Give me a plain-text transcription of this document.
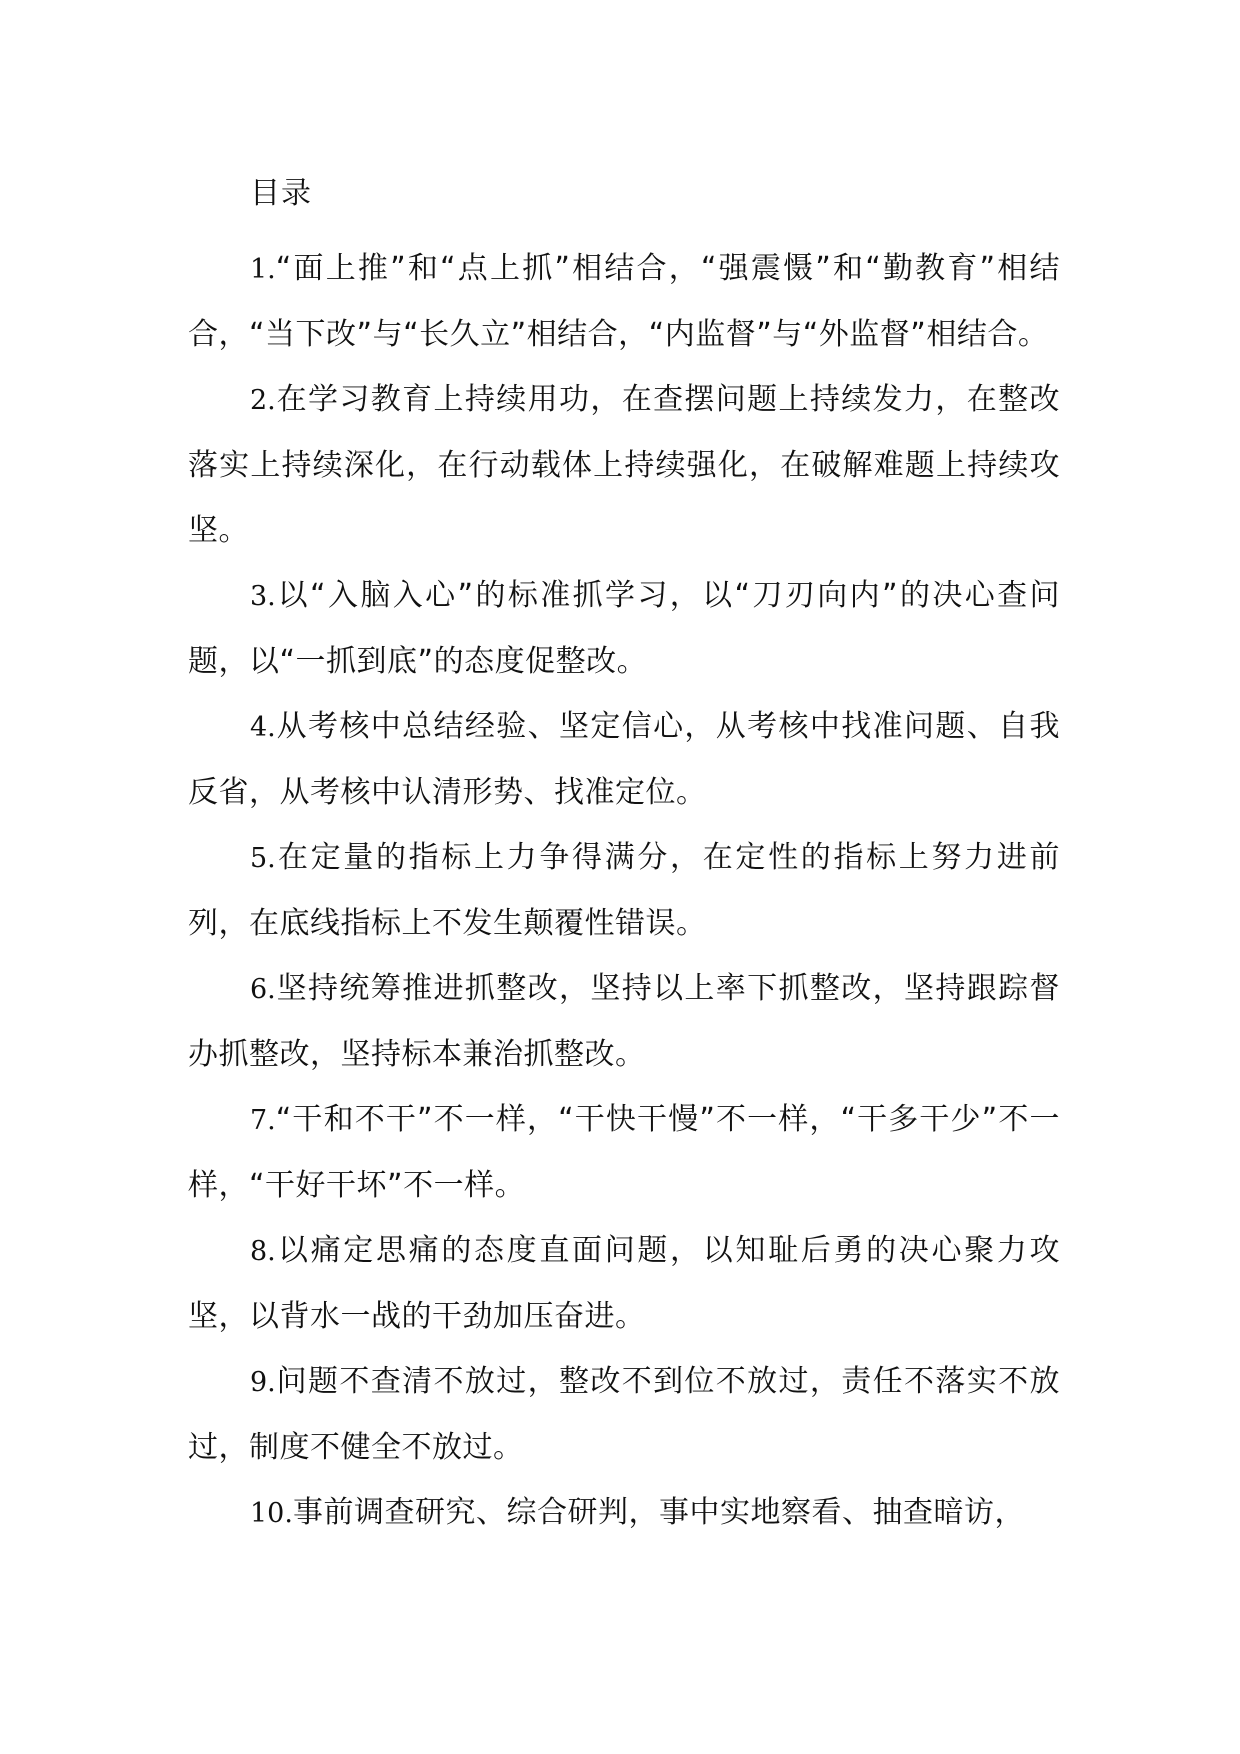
目录

1.“面上推”和“点上抓”相结合，“强震慑”和“勤教育”相结合，“当下改”与“长久立”相结合，“内监督”与“外监督”相结合。

2.在学习教育上持续用功，在查摆问题上持续发力，在整改落实上持续深化，在行动载体上持续强化，在破解难题上持续攻坚。

3.以“入脑入心”的标准抓学习，以“刀刃向内”的决心查问题，以“一抓到底”的态度促整改。

4.从考核中总结经验、坚定信心，从考核中找准问题、自我反省，从考核中认清形势、找准定位。

5.在定量的指标上力争得满分，在定性的指标上努力进前列，在底线指标上不发生颠覆性错误。

6.坚持统筹推进抓整改，坚持以上率下抓整改，坚持跟踪督办抓整改，坚持标本兼治抓整改。

7.“干和不干”不一样，“干快干慢”不一样，“干多干少”不一样，“干好干坏”不一样。

8.以痛定思痛的态度直面问题，以知耻后勇的决心聚力攻坚，以背水一战的干劲加压奋进。

9.问题不查清不放过，整改不到位不放过，责任不落实不放过，制度不健全不放过。

10.事前调查研究、综合研判，事中实地察看、抽查暗访，
